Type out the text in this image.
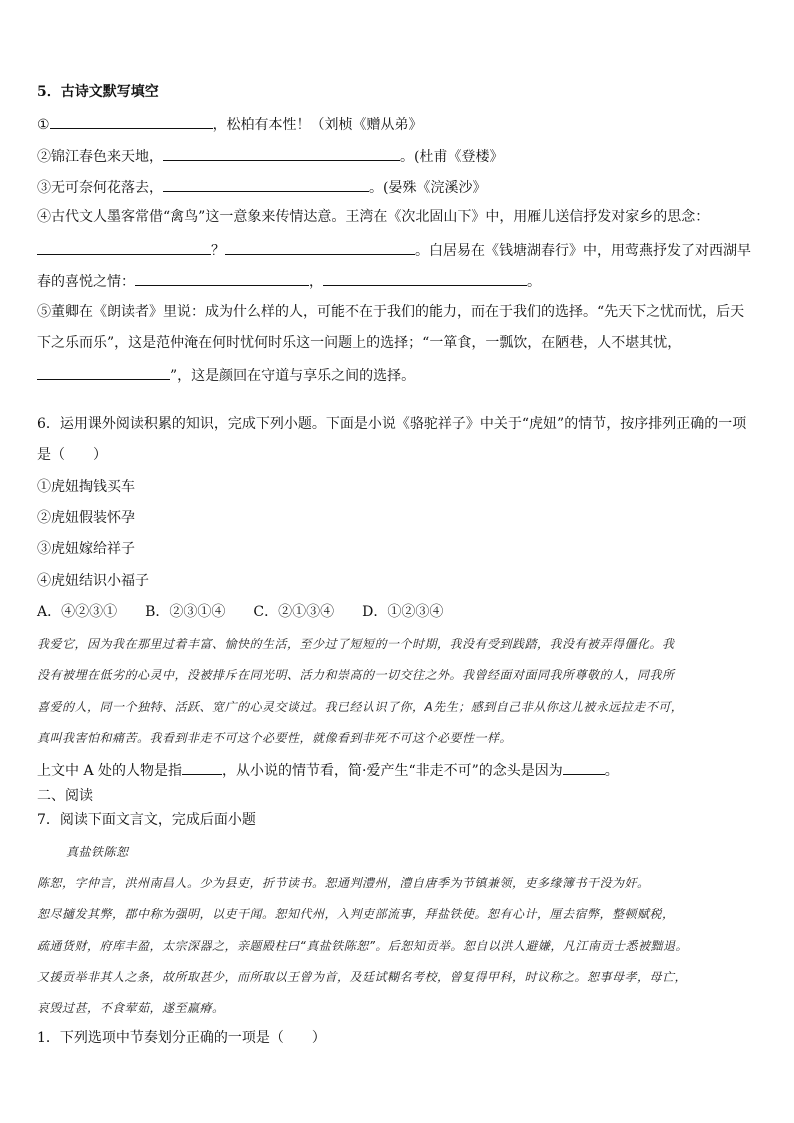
5．古诗文默写填空
①	，松柏有本性！（刘桢《赠从弟》
②锦江春色来天地，	。(杜甫《登楼》
③无可奈何花落去，	。(晏殊《浣溪沙》
④古代文人墨客常借“禽鸟”这一意象来传情达意。王湾在《次北固山下》中，用雁儿送信抒发对家乡的思念：
？	。白居易在《钱塘湖春行》中，用莺燕抒发了对西湖早
春的喜悦之情：	，	。
⑤董卿在《朗读者》里说：成为什么样的人，可能不在于我们的能力，而在于我们的选择。“先天下之忧而忧，后天
下之乐而乐”，这是范仲淹在何时忧何时乐这一问题上的选择；“一箪食，一瓢饮，在陋巷，人不堪其忧，
”，这是颜回在守道与享乐之间的选择。
6．运用课外阅读积累的知识，完成下列小题。下面是小说《骆驼祥子》中关于“虎妞”的情节，按序排列正确的一项
是（　　）
①虎妞掏钱买车
②虎妞假装怀孕
③虎妞嫁给祥子
④虎妞结识小福子
A．④②③①　　B．②③①④　　C．②①③④　　D．①②③④
我爱它，因为我在那里过着丰富、愉快的生活，至少过了短短的一个时期，我没有受到践踏，我没有被弄得僵化。我
没有被埋在低劣的心灵中，没被排斥在同光明、活力和崇高的一切交往之外。我曾经面对面同我所尊敬的人，同我所
喜爱的人，同一个独特、活跃、宽广的心灵交谈过。我已经认识了你，A先生；感到自己非从你这儿被永远拉走不可，
真叫我害怕和痛苦。我看到非走不可这个必要性，就像看到非死不可这个必要性一样。
上文中 A 处的人物是指	，从小说的情节看，简·爱产生“非走不可”的念头是因为	。
二、阅读
7．阅读下面文言文，完成后面小题
真盐铁陈恕
陈恕，字仲言，洪州南昌人。少为县吏，折节读书。恕通判澧州，澧自唐季为节镇兼领，吏多缘簿书干没为奸。
恕尽擿发其弊，郡中称为强明，以吏干闻。恕知代州，入判吏部流事，拜盐铁使。恕有心计，厘去宿弊，整顿赋税，
疏通货财，府库丰盈，太宗深器之，亲题殿柱曰“真盐铁陈恕”。后恕知贡举。恕自以洪人避嫌，凡江南贡士悉被黜退。
又援贡举非其人之条，故所取甚少，而所取以王曾为首，及廷试糊名考校，曾复得甲科，时议称之。恕事母孝，母亡，
哀毁过甚，不食荤茹，遂至羸瘠。
1．下列选项中节奏划分正确的一项是（　　）
